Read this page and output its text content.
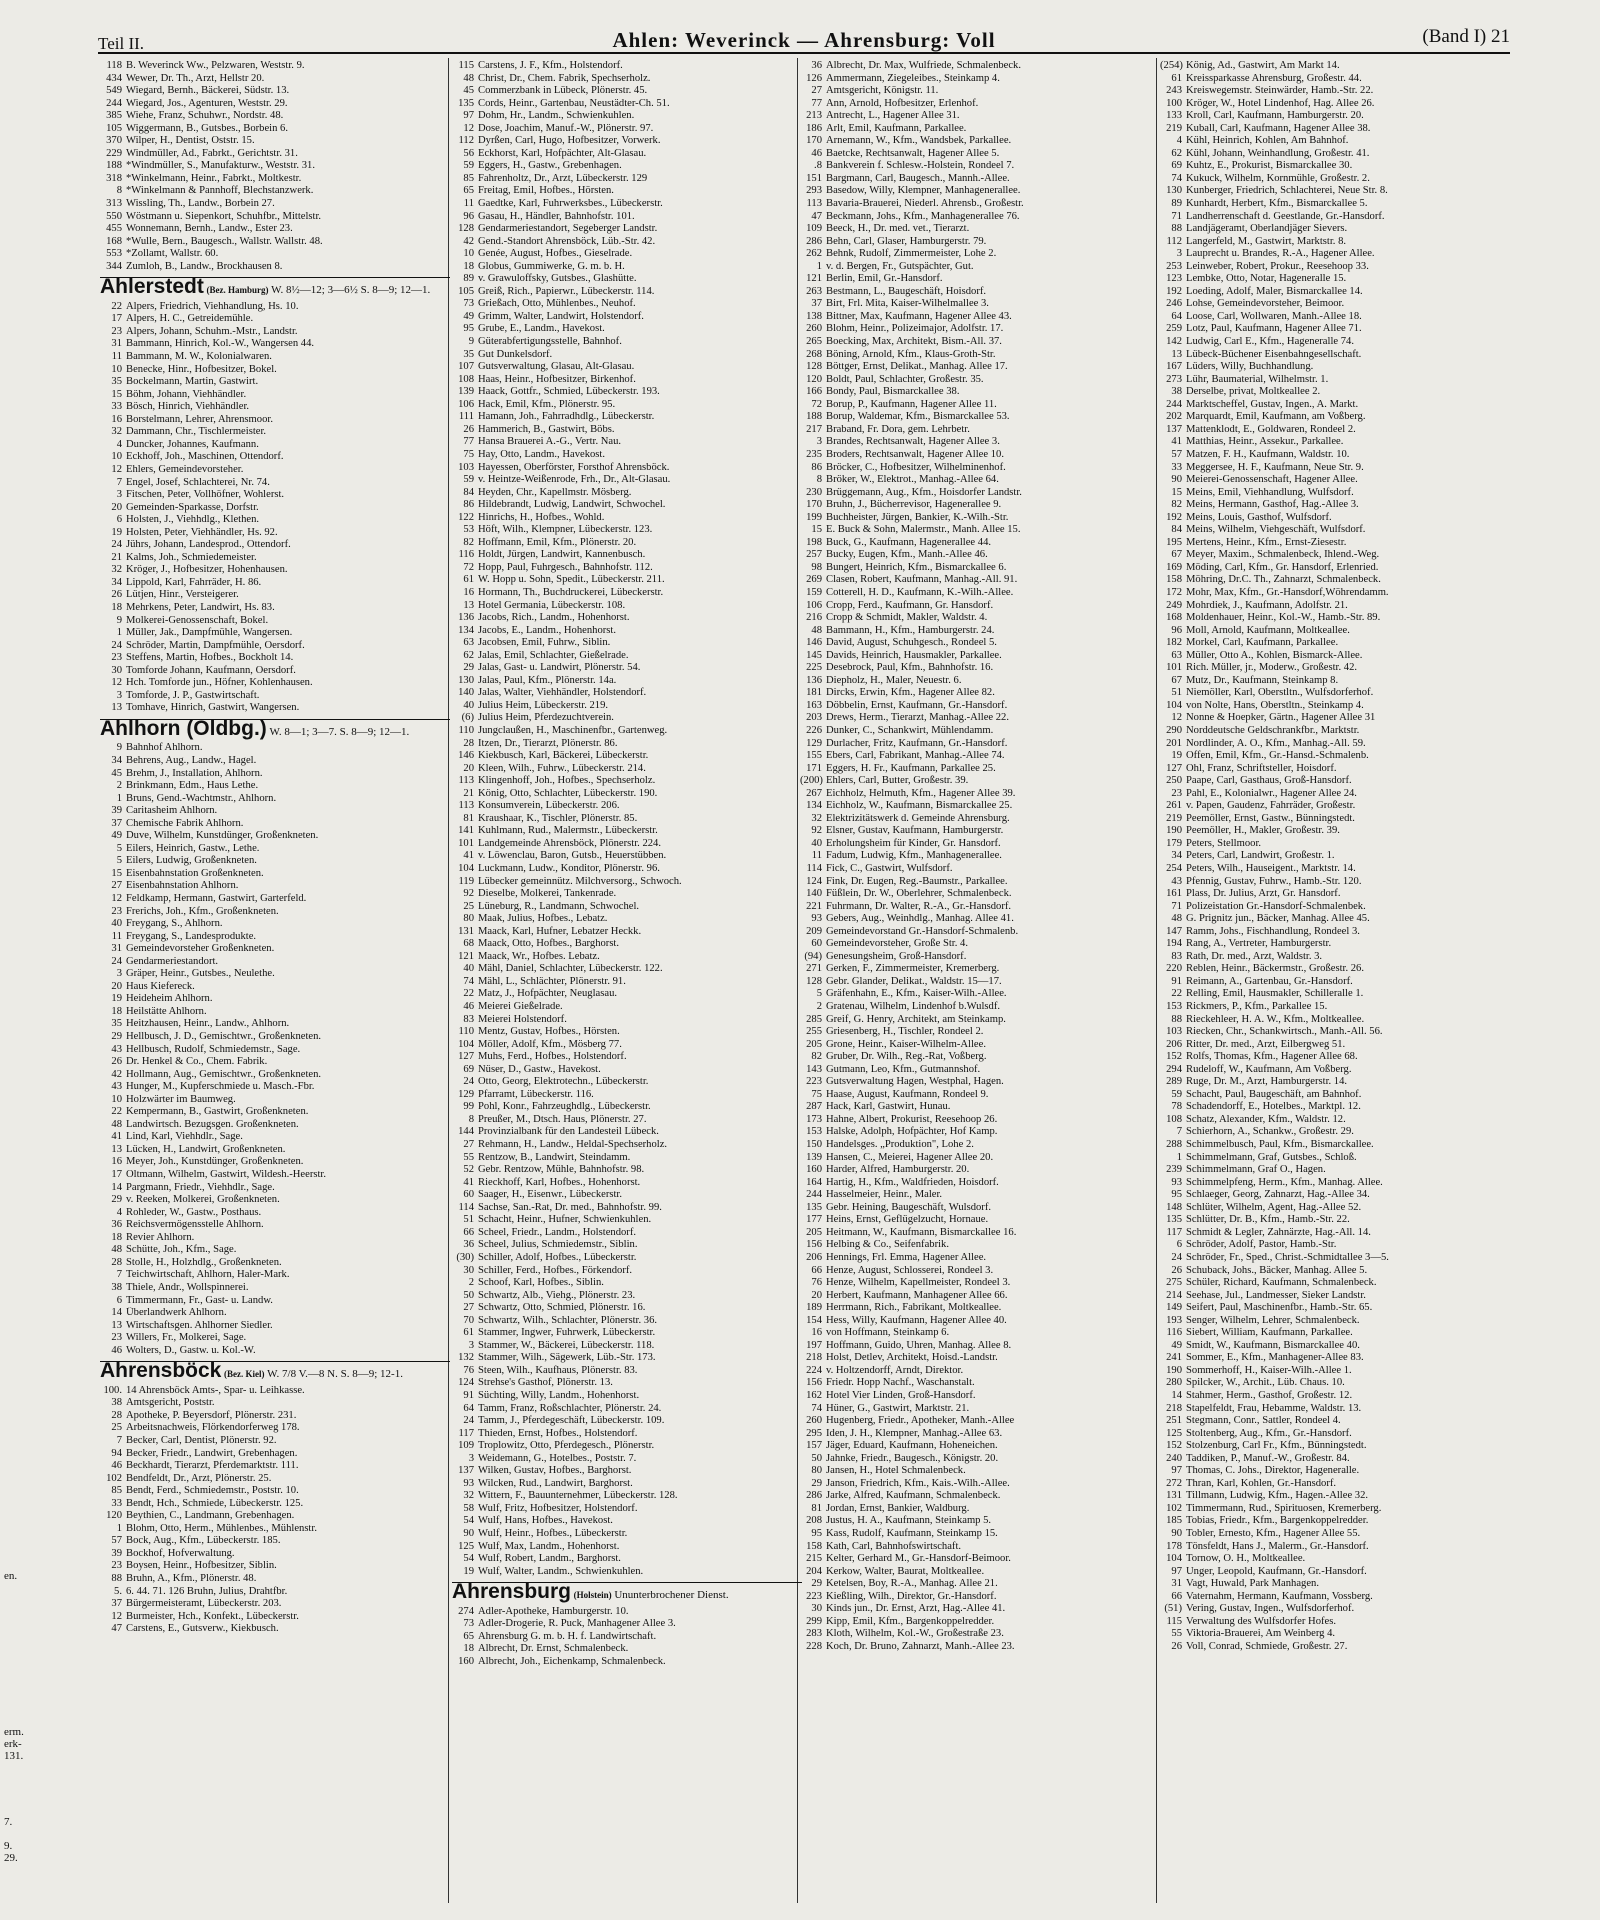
en.
erm.
erk-
131.
7.
9.
29.
Teil II.	Ahlen: Weverinck — Ahrensburg: Voll	(Band I) 21
118 B. Weverinck Ww., Pelzwaren, Weststr. 9.
434 Wewer, Dr. Th., Arzt, Hellstr 20.
549 Wiegard, Bernh., Bäckerei, Südstr. 13.
244 Wiegard, Jos., Agenturen, Weststr. 29.
385 Wiehe, Franz, Schuhwr., Nordstr. 48.
105 Wiggermann, B., Gutsbes., Borbein 6.
370 Wilper, H., Dentist, Oststr. 15.
229 Windmüller, Ad., Fabrkt., Gerichtstr. 31.
188 *Windmüller, S., Manufakturw., Weststr. 31.
318 *Winkelmann, Heinr., Fabrkt., Moltkestr.
8 *Winkelmann & Pannhoff, Blechstanzwerk.
313 Wissling, Th., Landw., Borbein 27.
550 Wöstmann u. Siepenkort, Schuhfbr., Mittelstr.
455 Wonnemann, Bernh., Landw., Ester 23.
168 *Wulle, Bern., Baugesch., Wallstr. Wallstr. 48.
553 *Zollamt, Wallstr. 60.
344 Zumloh, B., Landw., Brockhausen 8.
Ahlerstedt (Bez. Hamburg) W. 8½—12; 3—6½ S. 8—9; 12—1.
22 Alpers, Friedrich, Viehhandlung, Hs. 10.
17 Alpers, H. C., Getreidemühle.
23 Alpers, Johann, Schuhm.-Mstr., Landstr.
31 Bammann, Hinrich, Kol.-W., Wangersen 44.
11 Bammann, M. W., Kolonialwaren.
10 Benecke, Hinr., Hofbesitzer, Bokel.
35 Bockelmann, Martin, Gastwirt.
15 Böhm, Johann, Viehhändler.
33 Bösch, Hinrich, Viehhändler.
16 Borstelmann, Lehrer, Ahrensmoor.
32 Dammann, Chr., Tischlermeister.
4 Duncker, Johannes, Kaufmann.
10 Eckhoff, Joh., Maschinen, Ottendorf.
12 Ehlers, Gemeindevorsteher.
7 Engel, Josef, Schlachterei, Nr. 74.
3 Fitschen, Peter, Vollhöfner, Wohlerst.
20 Gemeinden-Sparkasse, Dorfstr.
6 Holsten, J., Viehhdlg., Klethen.
19 Holsten, Peter, Viehhändler, Hs. 92.
24 Jührs, Johann, Landesprod., Ottendorf.
21 Kalms, Joh., Schmiedemeister.
32 Kröger, J., Hofbesitzer, Hohenhausen.
34 Lippold, Karl, Fahrräder, H. 86.
26 Lütjen, Hinr., Versteigerer.
18 Mehrkens, Peter, Landwirt, Hs. 83.
9 Molkerei-Genossenschaft, Bokel.
1 Müller, Jak., Dampfmühle, Wangersen.
24 Schröder, Martin, Dampfmühle, Oersdorf.
23 Steffens, Martin, Hofbes., Bockholt 14.
30 Tomforde Johann, Kaufmann, Oersdorf.
12 Hch. Tomforde jun., Höfner, Kohlenhausen.
3 Tomforde, J. P., Gastwirtschaft.
13 Tomhave, Hinrich, Gastwirt, Wangersen.
Ahlhorn (Oldbg.) W. 8—1; 3—7. S. 8—9; 12—1.
9 Bahnhof Ahlhorn.
34 Behrens, Aug., Landw., Hagel.
45 Brehm, J., Installation, Ahlhorn.
2 Brinkmann, Edm., Haus Lethe.
1 Bruns, Gend.-Wachtmstr., Ahlhorn.
39 Caritasheim Ahlhorn.
37 Chemische Fabrik Ahlhorn.
49 Duve, Wilhelm, Kunstdünger, Großenkneten.
5 Eilers, Heinrich, Gastw., Lethe.
5 Eilers, Ludwig, Großenkneten.
15 Eisenbahnstation Großenkneten.
27 Eisenbahnstation Ahlhorn.
12 Feldkamp, Hermann, Gastwirt, Garterfeld.
23 Frerichs, Joh., Kfm., Großenkneten.
40 Freygang, S., Ahlhorn.
11 Freygang, S., Landesprodukte.
31 Gemeindevorsteher Großenkneten.
24 Gendarmeriestandort.
3 Gräper, Heinr., Gutsbes., Neulethe.
20 Haus Kiefereck.
19 Heideheim Ahlhorn.
18 Heilstätte Ahlhorn.
35 Heitzhausen, Heinr., Landw., Ahlhorn.
29 Hellbusch, J. D., Gemischtwr., Großenkneten.
43 Hellbusch, Rudolf, Schmiedemstr., Sage.
26 Dr. Henkel & Co., Chem. Fabrik.
42 Hollmann, Aug., Gemischtwr., Großenkneten.
43 Hunger, M., Kupferschmiede u. Masch.-Fbr.
10 Holzwärter im Baumweg.
22 Kempermann, B., Gastwirt, Großenkneten.
48 Landwirtsch. Bezugsgen. Großenkneten.
41 Lind, Karl, Viehhdlr., Sage.
13 Lücken, H., Landwirt, Großenkneten.
16 Meyer, Joh., Kunstdünger, Großenkneten.
17 Oltmann, Wilhelm, Gastwirt, Wildesh.-Heerstr.
14 Pargmann, Friedr., Viehhdlr., Sage.
29 v. Reeken, Molkerei, Großenkneten.
4 Rohleder, W., Gastw., Posthaus.
36 Reichsvermögensstelle Ahlhorn.
18 Revier Ahlhorn.
48 Schütte, Joh., Kfm., Sage.
28 Stolle, H., Holzhdlg., Großenkneten.
7 Teichwirtschaft, Ahlhorn, Haler-Mark.
38 Thiele, Andr., Wollspinnerei.
6 Timmermann, Fr., Gast- u. Landw.
14 Überlandwerk Ahlhorn.
13 Wirtschaftsgen. Ahlhorner Siedler.
23 Willers, Fr., Molkerei, Sage.
46 Wolters, D., Gastw. u. Kol.-W.
Ahrensböck (Bez. Kiel) W. 7/8 V.—8 N. S. 8—9; 12-1.
100. 14 Ahrensböck Amts-, Spar- u. Leihkasse.
38 Amtsgericht, Poststr.
28 Apotheke, P. Beyersdorf, Plönerstr. 231.
25 Arbeitsnachweis, Flörkendorferweg 178.
7 Becker, Carl, Dentist, Plönerstr. 92.
94 Becker, Friedr., Landwirt, Grebenhagen.
46 Beckhardt, Tierarzt, Pferdemarktstr. 111.
102 Bendfeldt, Dr., Arzt, Plönerstr. 25.
85 Bendt, Ferd., Schmiedemstr., Poststr. 10.
33 Bendt, Hch., Schmiede, Lübeckerstr. 125.
120 Beythien, C., Landmann, Grebenhagen.
1 Blohm, Otto, Herm., Mühlenbes., Mühlenstr.
57 Bock, Aug., Kfm., Lübeckerstr. 185.
39 Bockhof, Hofverwaltung.
23 Boysen, Heinr., Hofbesitzer, Siblin.
88 Bruhn, A., Kfm., Plönerstr. 48.
5. 6. 44. 71. 126 Bruhn, Julius, Drahtfbr.
37 Bürgermeisteramt, Lübeckerstr. 203.
12 Burmeister, Hch., Konfekt., Lübeckerstr.
47 Carstens, E., Gutsverw., Kiekbusch.
115 Carstens, J. F., Kfm., Holstendorf.
48 Christ, Dr., Chem. Fabrik, Spechserholz.
45 Commerzbank in Lübeck, Plönerstr. 45.
135 Cords, Heinr., Gartenbau, Neustädter-Ch. 51.
97 Dohm, Hr., Landm., Schwienkuhlen.
12 Dose, Joachim, Manuf.-W., Plönerstr. 97.
112 Dyrßen, Carl, Hugo, Hofbesitzer, Vorwerk.
56 Eckhorst, Karl, Hofpächter, Alt-Glasau.
59 Eggers, H., Gastw., Grebenhagen.
85 Fahrenholtz, Dr., Arzt, Lübeckerstr. 129
65 Freitag, Emil, Hofbes., Hörsten.
11 Gaedtke, Karl, Fuhrwerksbes., Lübeckerstr.
96 Gasau, H., Händler, Bahnhofstr. 101.
128 Gendarmeriestandort, Segeberger Landstr.
42 Gend.-Standort Ahrensböck, Lüb.-Str. 42.
10 Genée, August, Hofbes., Gieselrade.
18 Globus, Gummiwerke, G. m. b. H.
89 v. Grawuloffsky, Gutsbes., Glashütte.
105 Greiß, Rich., Papierwr., Lübeckerstr. 114.
73 Grießach, Otto, Mühlenbes., Neuhof.
49 Grimm, Walter, Landwirt, Holstendorf.
95 Grube, E., Landm., Havekost.
9 Güterabfertigungsstelle, Bahnhof.
35 Gut Dunkelsdorf.
107 Gutsverwaltung, Glasau, Alt-Glasau.
108 Haas, Heinr., Hofbesitzer, Birkenhof.
139 Haack, Gottfr., Schmied, Lübeckerstr. 193.
106 Hack, Emil, Kfm., Plönerstr. 95.
111 Hamann, Joh., Fahrradhdlg., Lübeckerstr.
26 Hammerich, B., Gastwirt, Böbs.
77 Hansa Brauerei A.-G., Vertr. Nau.
75 Hay, Otto, Landm., Havekost.
103 Hayessen, Oberförster, Forsthof Ahrensböck.
59 v. Heintze-Weißenrode, Frh., Dr., Alt-Glasau.
84 Heyden, Chr., Kapellmstr. Mösberg.
86 Hildebrandt, Ludwig, Landwirt, Schwochel.
122 Hinrichs, H., Hofbes., Wohld.
53 Höft, Wilh., Klempner, Lübeckerstr. 123.
82 Hoffmann, Emil, Kfm., Plönerstr. 20.
116 Holdt, Jürgen, Landwirt, Kannenbusch.
72 Hopp, Paul, Fuhrgesch., Bahnhofstr. 112.
61 W. Hopp u. Sohn, Spedit., Lübeckerstr. 211.
16 Hormann, Th., Buchdruckerei, Lübeckerstr.
13 Hotel Germania, Lübeckerstr. 108.
136 Jacobs, Rich., Landm., Hohenhorst.
134 Jacobs, E., Landm., Hohenhorst.
63 Jacobsen, Emil, Fuhrw., Siblin.
62 Jalas, Emil, Schlachter, Gießelrade.
29 Jalas, Gast- u. Landwirt, Plönerstr. 54.
130 Jalas, Paul, Kfm., Plönerstr. 14a.
140 Jalas, Walter, Viehhändler, Holstendorf.
40 Julius Heim, Lübeckerstr. 219.
(6) Julius Heim, Pferdezuchtverein.
110 Jungclaußen, H., Maschinenfbr., Gartenweg.
28 Itzen, Dr., Tierarzt, Plönerstr. 86.
146 Kiekbusch, Karl, Bäckerei, Lübeckerstr.
20 Kleen, Wilh., Fuhrw., Lübeckerstr. 214.
113 Klingenhoff, Joh., Hofbes., Spechserholz.
21 König, Otto, Schlachter, Lübeckerstr. 190.
113 Konsumverein, Lübeckerstr. 206.
81 Kraushaar, K., Tischler, Plönerstr. 85.
141 Kuhlmann, Rud., Malermstr., Lübeckerstr.
101 Landgemeinde Ahrensböck, Plönerstr. 224.
41 v. Löwenclau, Baron, Gutsb., Heuerstübben.
104 Luckmann, Ludw., Konditor, Plönerstr. 96.
119 Lübecker gemeinnütz. Milchversorg., Schwoch.
92 Dieselbe, Molkerei, Tankenrade.
25 Lüneburg, R., Landmann, Schwochel.
80 Maak, Julius, Hofbes., Lebatz.
131 Maack, Karl, Hufner, Lebatzer Heckk.
68 Maack, Otto, Hofbes., Barghorst.
121 Maack, Wr., Hofbes. Lebatz.
40 Mähl, Daniel, Schlachter, Lübeckerstr. 122.
74 Mähl, L., Schlächter, Plönerstr. 91.
22 Matz, J., Hofpächter, Neuglasau.
46 Meierei Gießelrade.
83 Meierei Holstendorf.
110 Mentz, Gustav, Hofbes., Hörsten.
104 Möller, Adolf, Kfm., Mösberg 77.
127 Muhs, Ferd., Hofbes., Holstendorf.
69 Nüser, D., Gastw., Havekost.
24 Otto, Georg, Elektrotechn., Lübeckerstr.
129 Pfarramt, Lübeckerstr. 116.
99 Pohl, Konr., Fahrzeughdlg., Lübeckerstr.
8 Preußer, M., Dtsch. Haus, Plönerstr. 27.
144 Provinzialbank für den Landesteil Lübeck.
27 Rehmann, H., Landw., Heldal-Spechserholz.
55 Rentzow, B., Landwirt, Steindamm.
52 Gebr. Rentzow, Mühle, Bahnhofstr. 98.
41 Rieckhoff, Karl, Hofbes., Hohenhorst.
60 Saager, H., Eisenwr., Lübeckerstr.
114 Sachse, San.-Rat, Dr. med., Bahnhofstr. 99.
51 Schacht, Heinr., Hufner, Schwienkuhlen.
66 Scheel, Friedr., Landm., Holstendorf.
36 Scheel, Julius, Schmiedemstr., Siblin.
(30) Schiller, Adolf, Hofbes., Lübeckerstr.
30 Schiller, Ferd., Hofbes., Förkendorf.
2 Schoof, Karl, Hofbes., Siblin.
50 Schwartz, Alb., Viehg., Plönerstr. 23.
27 Schwartz, Otto, Schmied, Plönerstr. 16.
70 Schwartz, Wilh., Schlachter, Plönerstr. 36.
61 Stammer, Ingwer, Fuhrwerk, Lübeckerstr.
3 Stammer, W., Bäckerei, Lübeckerstr. 118.
132 Stammer, Wilh., Sägewerk, Lüb.-Str. 173.
76 Steen, Wilh., Kaufhaus, Plönerstr. 83.
124 Strehse's Gasthof, Plönerstr. 13.
91 Süchting, Willy, Landm., Hohenhorst.
64 Tamm, Franz, Roßschlachter, Plönerstr. 24.
24 Tamm, J., Pferdegeschäft, Lübeckerstr. 109.
117 Thieden, Ernst, Hofbes., Holstendorf.
109 Troplowitz, Otto, Pferdegesch., Plönerstr.
3 Weidemann, G., Hotelbes., Poststr. 7.
137 Wilken, Gustav, Hofbes., Barghorst.
93 Wilcken, Rud., Landwirt, Barghorst.
32 Wittern, F., Bauunternehmer, Lübeckerstr. 128.
58 Wulf, Fritz, Hofbesitzer, Holstendorf.
54 Wulf, Hans, Hofbes., Havekost.
90 Wulf, Heinr., Hofbes., Lübeckerstr.
125 Wulf, Max, Landm., Hohenhorst.
54 Wulf, Robert, Landm., Barghorst.
19 Wulf, Walter, Landm., Schwienkuhlen.
Ahrensburg (Holstein) Ununterbrochener Dienst.
274 Adler-Apotheke, Hamburgerstr. 10.
73 Adler-Drogerie, R. Puck, Manhagener Allee 3.
65 Ahrensburg G. m. b. H. f. Landwirtschaft.
18 Albrecht, Dr. Ernst, Schmalenbeck.
160 Albrecht, Joh., Eichenkamp, Schmalenbeck.
36 Albrecht, Dr. Max, Wulfriede, Schmalenbeck.
126 Ammermann, Ziegeleibes., Steinkamp 4.
27 Amtsgericht, Königstr. 11.
77 Ann, Arnold, Hofbesitzer, Erlenhof.
213 Antrecht, L., Hagener Allee 31.
186 Arlt, Emil, Kaufmann, Parkallee.
170 Arnemann, W., Kfm., Wandsbek, Parkallee.
46 Baetcke, Rechtsanwalt, Hagener Allee 5.
.8 Bankverein f. Schlesw.-Holstein, Rondeel 7.
151 Bargmann, Carl, Baugesch., Mannh.-Allee.
293 Basedow, Willy, Klempner, Manhagenerallee.
113 Bavaria-Brauerei, Niederl. Ahrensb., Großestr.
47 Beckmann, Johs., Kfm., Manhagenerallee 76.
109 Beeck, H., Dr. med. vet., Tierarzt.
286 Behn, Carl, Glaser, Hamburgerstr. 79.
262 Behnk, Rudolf, Zimmermeister, Lohe 2.
1 v. d. Bergen, Fr., Gutspächter, Gut.
121 Berlin, Emil, Gr.-Hansdorf.
263 Bestmann, L., Baugeschäft, Hoisdorf.
37 Birt, Frl. Mita, Kaiser-Wilhelmallee 3.
138 Bittner, Max, Kaufmann, Hagener Allee 43.
260 Blohm, Heinr., Polizeimajor, Adolfstr. 17.
265 Boecking, Max, Architekt, Bism.-All. 37.
268 Böning, Arnold, Kfm., Klaus-Groth-Str.
128 Böttger, Ernst, Delikat., Manhag. Allee 17.
120 Boldt, Paul, Schlachter, Großestr. 35.
166 Bondy, Paul, Bismarckallee 38.
72 Borup, P., Kaufmann, Hagener Allee 11.
188 Borup, Waldemar, Kfm., Bismarckallee 53.
217 Braband, Fr. Dora, gem. Lehrbetr.
3 Brandes, Rechtsanwalt, Hagener Allee 3.
235 Broders, Rechtsanwalt, Hagener Allee 10.
86 Bröcker, C., Hofbesitzer, Wilhelminenhof.
8 Bröker, W., Elektrot., Manhag.-Allee 64.
230 Brüggemann, Aug., Kfm., Hoisdorfer Landstr.
170 Bruhn, J., Bücherrevisor, Hagenerallee 9.
199 Buchheister, Jürgen, Bankier, K.-Wilh.-Str.
15 E. Buck & Sohn, Malermstr., Manh. Allee 15.
198 Buck, G., Kaufmann, Hagenerallee 44.
257 Bucky, Eugen, Kfm., Manh.-Allee 46.
98 Bungert, Heinrich, Kfm., Bismarckallee 6.
269 Clasen, Robert, Kaufmann, Manhag.-All. 91.
159 Cotterell, H. D., Kaufmann, K.-Wilh.-Allee.
106 Cropp, Ferd., Kaufmann, Gr. Hansdorf.
216 Cropp & Schmidt, Makler, Waldstr. 4.
48 Bammann, H., Kfm., Hamburgerstr. 24.
146 David, August, Schuhgesch., Rondeel 5.
145 Davids, Heinrich, Hausmakler, Parkallee.
225 Desebrock, Paul, Kfm., Bahnhofstr. 16.
136 Diepholz, H., Maler, Neuestr. 6.
181 Dircks, Erwin, Kfm., Hagener Allee 82.
163 Döbbelin, Ernst, Kaufmann, Gr.-Hansdorf.
203 Drews, Herm., Tierarzt, Manhag.-Allee 22.
226 Dunker, C., Schankwirt, Mühlendamm.
129 Durlacher, Fritz, Kaufmann, Gr.-Hansdorf.
155 Ebers, Carl, Fabrikant, Manhag.-Allee 74.
171 Eggers, H. Fr., Kaufmann, Parkallee 25.
(200) Ehlers, Carl, Butter, Großestr. 39.
267 Eichholz, Helmuth, Kfm., Hagener Allee 39.
134 Eichholz, W., Kaufmann, Bismarckallee 25.
32 Elektrizitätswerk d. Gemeinde Ahrensburg.
92 Elsner, Gustav, Kaufmann, Hamburgerstr.
40 Erholungsheim für Kinder, Gr. Hansdorf.
11 Fadum, Ludwig, Kfm., Manhagenerallee.
114 Fick, C., Gastwirt, Wulfsdorf.
124 Fink, Dr. Eugen, Reg.-Baumstr., Parkallee.
140 Füßlein, Dr. W., Oberlehrer, Schmalenbeck.
221 Fuhrmann, Dr. Walter, R.-A., Gr.-Hansdorf.
93 Gebers, Aug., Weinhdlg., Manhag. Allee 41.
209 Gemeindevorstand Gr.-Hansdorf-Schmalenb.
60 Gemeindevorsteher, Große Str. 4.
(94) Genesungsheim, Groß-Hansdorf.
271 Gerken, F., Zimmermeister, Kremerberg.
128 Gebr. Glander, Delikat., Waldstr. 15—17.
5 Gräfenhahn, E., Kfm., Kaiser-Wilh.-Allee.
2 Gratenau, Wilhelm, Lindenhof b.Wulsdf.
285 Greif, G. Henry, Architekt, am Steinkamp.
255 Griesenberg, H., Tischler, Rondeel 2.
205 Grone, Heinr., Kaiser-Wilhelm-Allee.
82 Gruber, Dr. Wilh., Reg.-Rat, Voßberg.
143 Gutmann, Leo, Kfm., Gutmannshof.
223 Gutsverwaltung Hagen, Westphal, Hagen.
75 Haase, August, Kaufmann, Rondeel 9.
287 Hack, Karl, Gastwirt, Hunau.
173 Hahne, Albert, Prokurist, Reesehoop 26.
153 Halske, Adolph, Hofpächter, Hof Kamp.
150 Handelsges. „Produktion", Lohe 2.
139 Hansen, C., Meierei, Hagener Allee 20.
160 Harder, Alfred, Hamburgerstr. 20.
164 Hartig, H., Kfm., Waldfrieden, Hoisdorf.
244 Hasselmeier, Heinr., Maler.
135 Gebr. Heining, Baugeschäft, Wulsdorf.
177 Heins, Ernst, Geflügelzucht, Hornaue.
205 Heitmann, W., Kaufmann, Bismarckallee 16.
156 Helbing & Co., Seifenfabrik.
206 Hennings, Frl. Emma, Hagener Allee.
66 Henze, August, Schlosserei, Rondeel 3.
76 Henze, Wilhelm, Kapellmeister, Rondeel 3.
20 Herbert, Kaufmann, Manhagener Allee 66.
189 Herrmann, Rich., Fabrikant, Moltkeallee.
154 Hess, Willy, Kaufmann, Hagener Allee 40.
16 von Hoffmann, Steinkamp 6.
197 Hoffmann, Guido, Uhren, Manhag. Allee 8.
218 Holst, Detlev, Architekt, Hoisd.-Landstr.
224 v. Holtzendorff, Arndt, Direktor.
156 Friedr. Hopp Nachf., Waschanstalt.
162 Hotel Vier Linden, Groß-Hansdorf.
74 Hüner, G., Gastwirt, Marktstr. 21.
260 Hugenberg, Friedr., Apotheker, Manh.-Allee
295 Iden, J. H., Klempner, Manhag.-Allee 63.
157 Jäger, Eduard, Kaufmann, Hoheneichen.
50 Jahnke, Friedr., Baugesch., Königstr. 20.
80 Jansen, H., Hotel Schmalenbeck.
29 Janson, Friedrich, Kfm., Kais.-Wilh.-Allee.
286 Jarke, Alfred, Kaufmann, Schmalenbeck.
81 Jordan, Ernst, Bankier, Waldburg.
208 Justus, H. A., Kaufmann, Steinkamp 5.
95 Kass, Rudolf, Kaufmann, Steinkamp 15.
158 Kath, Carl, Bahnhofswirtschaft.
215 Kelter, Gerhard M., Gr.-Hansdorf-Beimoor.
204 Kerkow, Walter, Baurat, Moltkeallee.
29 Ketelsen, Boy, R.-A., Manhag. Allee 21.
223 Kießling, Wilh., Direktor, Gr.-Hansdorf.
30 Kinds jun., Dr. Ernst, Arzt, Hag.-Allee 41.
299 Kipp, Emil, Kfm., Bargenkoppelredder.
283 Kloth, Wilhelm, Kol.-W., Großestraße 23.
228 Koch, Dr. Bruno, Zahnarzt, Manh.-Allee 23.
(254) König, Ad., Gastwirt, Am Markt 14.
61 Kreissparkasse Ahrensburg, Großestr. 44.
243 Kreiswegemstr. Steinwärder, Hamb.-Str. 22.
100 Kröger, W., Hotel Lindenhof, Hag. Allee 26.
133 Kroll, Carl, Kaufmann, Hamburgerstr. 20.
219 Kuball, Carl, Kaufmann, Hagener Allee 38.
4 Kühl, Heinrich, Kohlen, Am Bahnhof.
62 Kühl, Johann, Weinhandlung, Großestr. 41.
69 Kuhtz, E., Prokurist, Bismarckallee 30.
74 Kukuck, Wilhelm, Kornmühle, Großestr. 2.
130 Kunberger, Friedrich, Schlachterei, Neue Str. 8.
89 Kunhardt, Herbert, Kfm., Bismarckallee 5.
71 Landherrenschaft d. Geestlande, Gr.-Hansdorf.
88 Landjägeramt, Oberlandjäger Sievers.
112 Langerfeld, M., Gastwirt, Marktstr. 8.
3 Lauprecht u. Brandes, R.-A., Hagener Allee.
253 Leinweber, Robert, Prokur., Reesehoop 33.
123 Lembke, Otto, Notar, Hageneralle 15.
192 Loeding, Adolf, Maler, Bismarckallee 14.
246 Lohse, Gemeindevorsteher, Beimoor.
64 Loose, Carl, Wollwaren, Manh.-Allee 18.
259 Lotz, Paul, Kaufmann, Hagener Allee 71.
142 Ludwig, Carl E., Kfm., Hageneralle 74.
13 Lübeck-Büchener Eisenbahngesellschaft.
167 Lüders, Willy, Buchhandlung.
273 Lühr, Baumaterial, Wilhelmstr. 1.
38 Derselbe, privat, Moltkeallee 2.
244 Marktscheffel, Gustav, Ingen., A. Markt.
202 Marquardt, Emil, Kaufmann, am Voßberg.
137 Mattenklodt, E., Goldwaren, Rondeel 2.
41 Matthias, Heinr., Assekur., Parkallee.
57 Matzen, F. H., Kaufmann, Waldstr. 10.
33 Meggersee, H. F., Kaufmann, Neue Str. 9.
90 Meierei-Genossenschaft, Hagener Allee.
15 Meins, Emil, Viehhandlung, Wulfsdorf.
82 Meins, Hermann, Gasthof, Hag.-Allee 3.
192 Meins, Louis, Gasthof, Wulfsdorf.
84 Meins, Wilhelm, Viehgeschäft, Wulfsdorf.
195 Mertens, Heinr., Kfm., Ernst-Ziesestr.
67 Meyer, Maxim., Schmalenbeck, Ihlend.-Weg.
169 Möding, Carl, Kfm., Gr. Hansdorf, Erlenried.
158 Möhring, Dr.C. Th., Zahnarzt, Schmalenbeck.
172 Mohr, Max, Kfm., Gr.-Hansdorf,Wöhrendamm.
249 Mohrdiek, J., Kaufmann, Adolfstr. 21.
168 Moldenhauer, Heinr., Kol.-W., Hamb.-Str. 89.
96 Moll, Arnold, Kaufmann, Moltkeallee.
182 Morkel, Carl, Kaufmann, Parkallee.
63 Müller, Otto A., Kohlen, Bismarck-Allee.
101 Rich. Müller, jr., Moderw., Großestr. 42.
67 Mutz, Dr., Kaufmann, Steinkamp 8.
51 Niemöller, Karl, Oberstltn., Wulfsdorferhof.
104 von Nolte, Hans, Oberstltn., Steinkamp 4.
12 Nonne & Hoepker, Gärtn., Hagener Allee 31
290 Norddeutsche Geldschrankfbr., Marktstr.
201 Nordlinder, A. O., Kfm., Manhag.-All. 59.
19 Offen, Emil, Kfm., Gr.-Hansd.-Schmalenb.
127 Ohl, Franz, Schriftsteller, Hoisdorf.
250 Paape, Carl, Gasthaus, Groß-Hansdorf.
23 Pahl, E., Kolonialwr., Hagener Allee 24.
261 v. Papen, Gaudenz, Fahrräder, Großestr.
219 Peemöller, Ernst, Gastw., Bünningstedt.
190 Peemöller, H., Makler, Großestr. 39.
179 Peters, Stellmoor.
34 Peters, Carl, Landwirt, Großestr. 1.
254 Peters, Wilh., Hauseigent., Marktstr. 14.
43 Pfennig, Gustav, Fuhrw., Hamb.-Str. 120.
161 Plass, Dr. Julius, Arzt, Gr. Hansdorf.
71 Polizeistation Gr.-Hansdorf-Schmalenbek.
48 G. Prignitz jun., Bäcker, Manhag. Allee 45.
147 Ramm, Johs., Fischhandlung, Rondeel 3.
194 Rang, A., Vertreter, Hamburgerstr.
83 Rath, Dr. med., Arzt, Waldstr. 3.
220 Reblen, Heinr., Bäckermstr., Großestr. 26.
91 Reimann, A., Gartenbau, Gr.-Hansdorf.
22 Relling, Emil, Hausmakler, Schilleralle 1.
153 Rickmers, P., Kfm., Parkallee 15.
88 Rieckehleer, H. A. W., Kfm., Moltkeallee.
103 Riecken, Chr., Schankwirtsch., Manh.-All. 56.
206 Ritter, Dr. med., Arzt, Eilbergweg 51.
152 Rolfs, Thomas, Kfm., Hagener Allee 68.
294 Rudeloff, W., Kaufmann, Am Voßberg.
289 Ruge, Dr. M., Arzt, Hamburgerstr. 14.
59 Schacht, Paul, Baugeschäft, am Bahnhof.
78 Schadendorff, E., Hotelbes., Marktpl. 12.
108 Schatz, Alexander, Kfm., Waldstr. 12.
7 Schierhorn, A., Schankw., Großestr. 29.
288 Schimmelbusch, Paul, Kfm., Bismarckallee.
1 Schimmelmann, Graf, Gutsbes., Schloß.
239 Schimmelmann, Graf O., Hagen.
93 Schimmelpfeng, Herm., Kfm., Manhag. Allee.
95 Schlaeger, Georg, Zahnarzt, Hag.-Allee 34.
148 Schlüter, Wilhelm, Agent, Hag.-Allee 52.
135 Schlütter, Dr. B., Kfm., Hamb.-Str. 22.
117 Schmidt & Legler, Zahnärzte, Hag.-All. 14.
6 Schröder, Adolf, Pastor, Hamb.-Str.
24 Schröder, Fr., Sped., Christ.-Schmidtallee 3—5.
26 Schuback, Johs., Bäcker, Manhag. Allee 5.
275 Schüler, Richard, Kaufmann, Schmalenbeck.
214 Seehase, Jul., Landmesser, Sieker Landstr.
149 Seifert, Paul, Maschinenfbr., Hamb.-Str. 65.
193 Senger, Wilhelm, Lehrer, Schmalenbeck.
116 Siebert, William, Kaufmann, Parkallee.
49 Smidt, W., Kaufmann, Bismarckallee 40.
241 Sommer, E., Kfm., Manhagener-Allee 83.
190 Sommerhoff, H., Kaiser-Wilh.-Allee 1.
280 Spilcker, W., Archit., Lüb. Chaus. 10.
14 Stahmer, Herm., Gasthof, Großestr. 12.
218 Stapelfeldt, Frau, Hebamme, Waldstr. 13.
251 Stegmann, Conr., Sattler, Rondeel 4.
125 Stoltenberg, Aug., Kfm., Gr.-Hansdorf.
152 Stolzenburg, Carl Fr., Kfm., Bünningstedt.
240 Taddiken, P., Manuf.-W., Großestr. 84.
97 Thomas, C. Johs., Direktor, Hageneralle.
272 Thran, Karl, Kohlen, Gr.-Hansdorf.
131 Tillmann, Ludwig, Kfm., Hagen.-Allee 32.
102 Timmermann, Rud., Spirituosen, Kremerberg.
185 Tobias, Friedr., Kfm., Bargenkoppelredder.
90 Tobler, Ernesto, Kfm., Hagener Allee 55.
178 Tönsfeldt, Hans J., Malerm., Gr.-Hansdorf.
104 Tornow, O. H., Moltkeallee.
97 Unger, Leopold, Kaufmann, Gr.-Hansdorf.
31 Vagt, Huwald, Park Manhagen.
66 Vaternahm, Hermann, Kaufmann, Vossberg.
(51) Vering, Gustav, Ingen., Wulfsdorferhof.
115 Verwaltung des Wulfsdorfer Hofes.
55 Viktoria-Brauerei, Am Weinberg 4.
26 Voll, Conrad, Schmiede, Großestr. 27.
